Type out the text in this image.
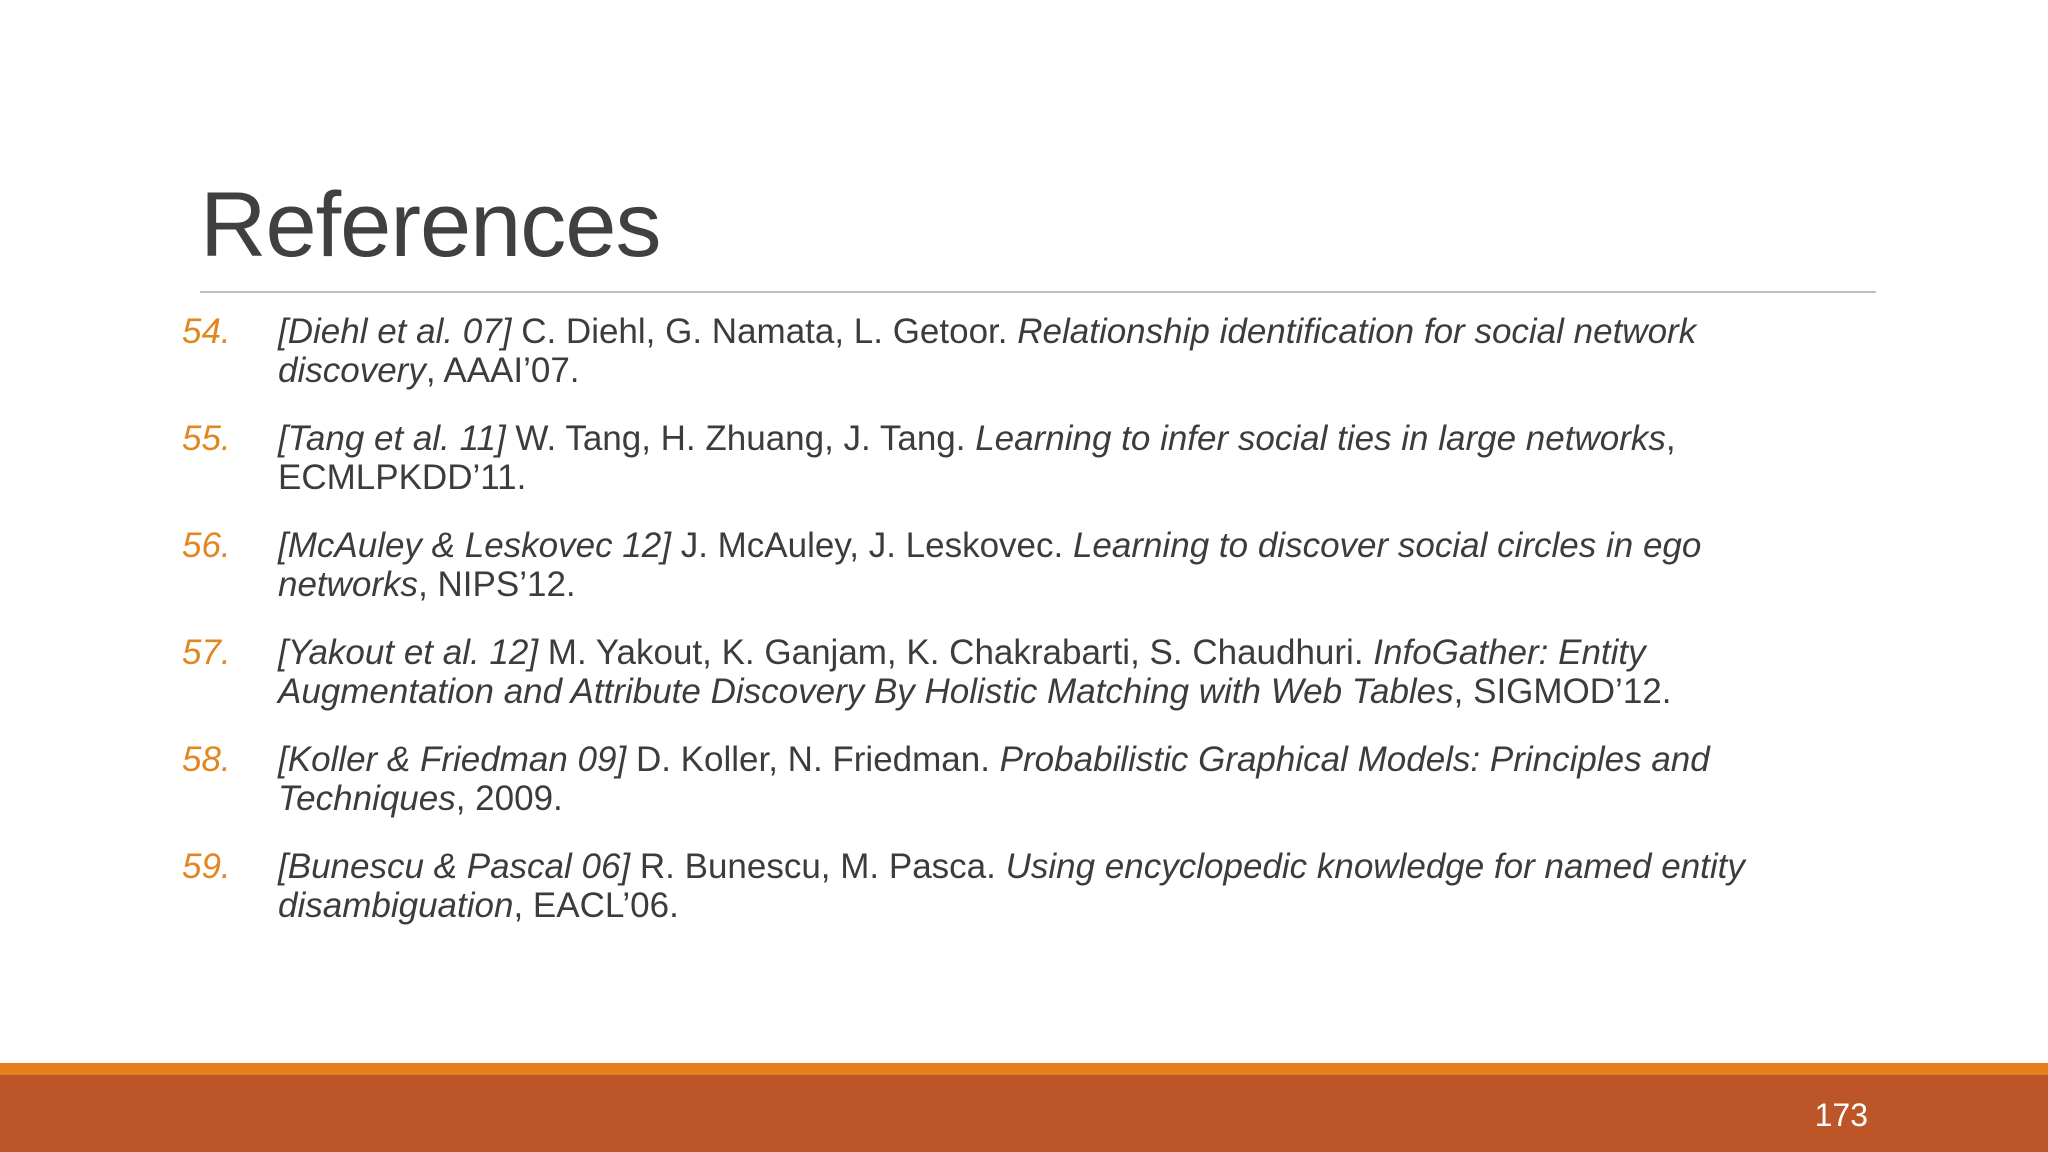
References
54. [Diehl et al. 07] C. Diehl, G. Namata, L. Getoor. Relationship identification for social network discovery, AAAI’07.
55. [Tang et al. 11] W. Tang, H. Zhuang, J. Tang. Learning to infer social ties in large networks, ECMLPKDD’11.
56. [McAuley & Leskovec 12] J. McAuley, J. Leskovec. Learning to discover social circles in ego networks, NIPS’12.
57. [Yakout et al. 12] M. Yakout, K. Ganjam, K. Chakrabarti, S. Chaudhuri. InfoGather: Entity Augmentation and Attribute Discovery By Holistic Matching with Web Tables, SIGMOD’12.
58. [Koller & Friedman 09] D. Koller, N. Friedman. Probabilistic Graphical Models: Principles and Techniques, 2009.
59. [Bunescu & Pascal 06] R. Bunescu, M. Pasca. Using encyclopedic knowledge for named entity disambiguation, EACL’06.
173
